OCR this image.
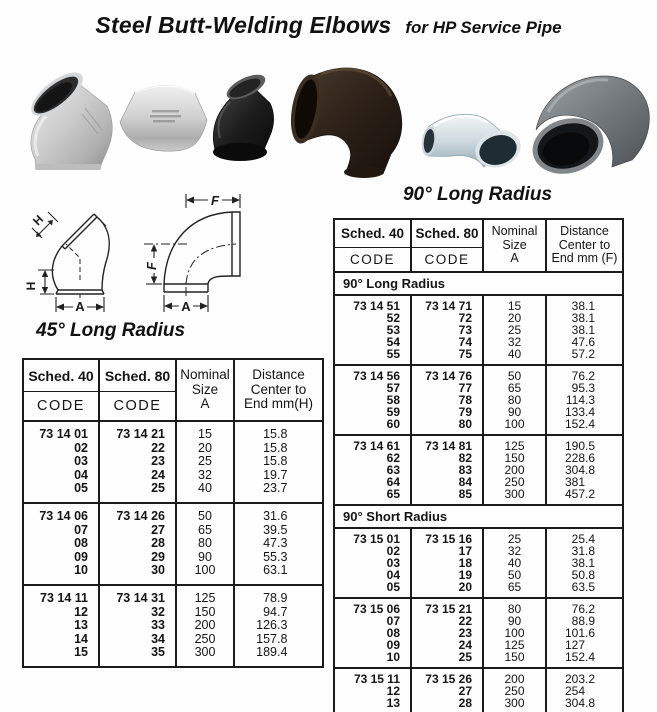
Steel Butt-Welding Elbows for HP Service Pipe
A
H
H
F
F
A
45° Long Radius
90° Long Radius
Sched. 40	Sched. 80	Nominal
Size
A

Distance
Center to
End mm(H)

CODE	CODE		
73 14 01	73 14 21	15	15.8
02	22	20	15.8
03	23	25	15.8
04	24	32	19.7
05	25	40	23.7
73 14 06	73 14 26	50	31.6
07	27	65	39.5
08	28	80	47.3
09	29	90	55.3
10	30	100	63.1
73 14 11	73 14 31	125	78.9
12	32	150	94.7
13	33	200	126.3
14	34	250	157.8
15	35	300	189.4
Sched. 40	Sched. 80	Nominal
Size
A

Distance
Center to
End mm (F)

CODE	CODE		
90° Long Radius			
73 14 51	73 14 71	15	38.1
52	72	20	38.1
53	73	25	38.1
54	74	32	47.6
55	75	40	57.2
73 14 56	73 14 76	50	76.2
57	77	65	95.3
58	78	80	114.3
59	79	90	133.4
60	80	100	152.4
73 14 61	73 14 81	125	190.5
62	82	150	228.6
63	83	200	304.8
64	84	250	381
65	85	300	457.2
90° Short Radius			
73 15 01	73 15 16	25	25.4
02	17	32	31.8
03	18	40	38.1
04	19	50	50.8
05	20	65	63.5
73 15 06	73 15 21	80	76.2
07	22	90	88.9
08	23	100	101.6
09	24	125	127
10	25	150	152.4
73 15 11	73 15 26	200	203.2
12	27	250	254
13	28	300	304.8
